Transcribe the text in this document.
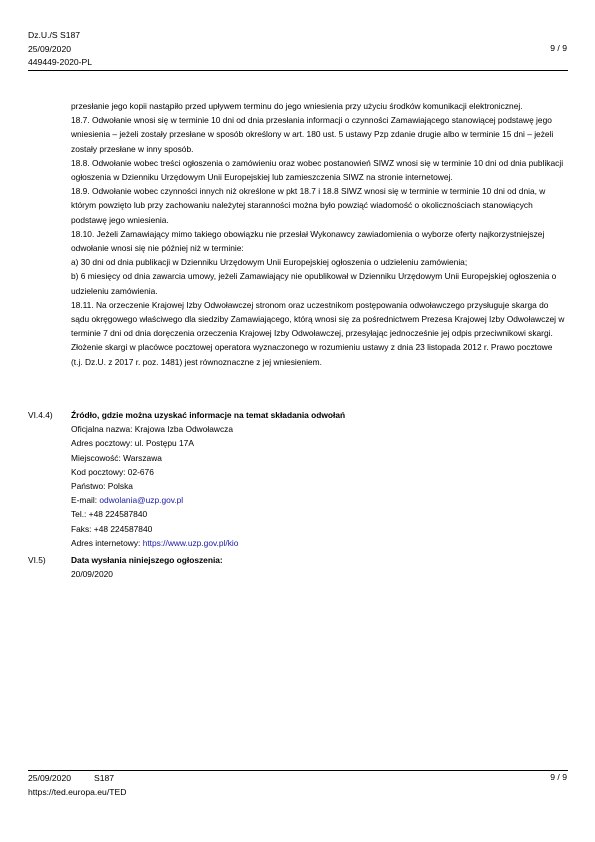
Dz.U./S S187
25/09/2020
449449-2020-PL
9 / 9

przesłanie jego kopii nastąpiło przed upływem terminu do jego wniesienia przy użyciu środków komunikacji elektronicznej.

18.7. Odwołanie wnosi się w terminie 10 dni od dnia przesłania informacji o czynności Zamawiającego stanowiącej podstawę jego wniesienia – jeżeli zostały przesłane w sposób określony w art. 180 ust. 5 ustawy Pzp zdanie drugie albo w terminie 15 dni – jeżeli zostały przesłane w inny sposób.

18.8. Odwołanie wobec treści ogłoszenia o zamówieniu oraz wobec postanowień SIWZ wnosi się w terminie 10 dni od dnia publikacji ogłoszenia w Dzienniku Urzędowym Unii Europejskiej lub zamieszczenia SIWZ na stronie internetowej.

18.9. Odwołanie wobec czynności innych niż określone w pkt 18.7 i 18.8 SIWZ wnosi się w terminie w terminie 10 dni od dnia, w którym powzięto lub przy zachowaniu należytej staranności można było powziąć wiadomość o okolicznościach stanowiących podstawę jego wniesienia.

18.10. Jeżeli Zamawiający mimo takiego obowiązku nie przesłał Wykonawcy zawiadomienia o wyborze oferty najkorzystniejszej odwołanie wnosi się nie później niż w terminie:

a) 30 dni od dnia publikacji w Dzienniku Urzędowym Unii Europejskiej ogłoszenia o udzieleniu zamówienia;

b) 6 miesięcy od dnia zawarcia umowy, jeżeli Zamawiający nie opublikował w Dzienniku Urzędowym Unii Europejskiej ogłoszenia o udzieleniu zamówienia.

18.11. Na orzeczenie Krajowej Izby Odwoławczej stronom oraz uczestnikom postępowania odwoławczego przysługuje skarga do sądu okręgowego właściwego dla siedziby Zamawiającego, którą wnosi się za pośrednictwem Prezesa Krajowej Izby Odwoławczej w terminie 7 dni od dnia doręczenia orzeczenia Krajowej Izby Odwoławczej, przesyłając jednocześnie jej odpis przeciwnikowi skargi. Złożenie skargi w placówce pocztowej operatora wyznaczonego w rozumieniu ustawy z dnia 23 listopada 2012 r. Prawo pocztowe (t.j. Dz.U. z 2017 r. poz. 1481) jest równoznaczne z jej wniesieniem.

VI.4.4) Źródło, gdzie można uzyskać informacje na temat składania odwołań
Oficjalna nazwa: Krajowa Izba Odwoławcza
Adres pocztowy: ul. Postępu 17A
Miejscowość: Warszawa
Kod pocztowy: 02-676
Państwo: Polska
E-mail: odwolania@uzp.gov.pl
Tel.: +48 224587840
Faks: +48 224587840
Adres internetowy: https://www.uzp.gov.pl/kio
VI.5)	Data wysłania niniejszego ogłoszenia:
20/09/2020
25/09/2020	S187
https://ted.europa.eu/TED
9 / 9
